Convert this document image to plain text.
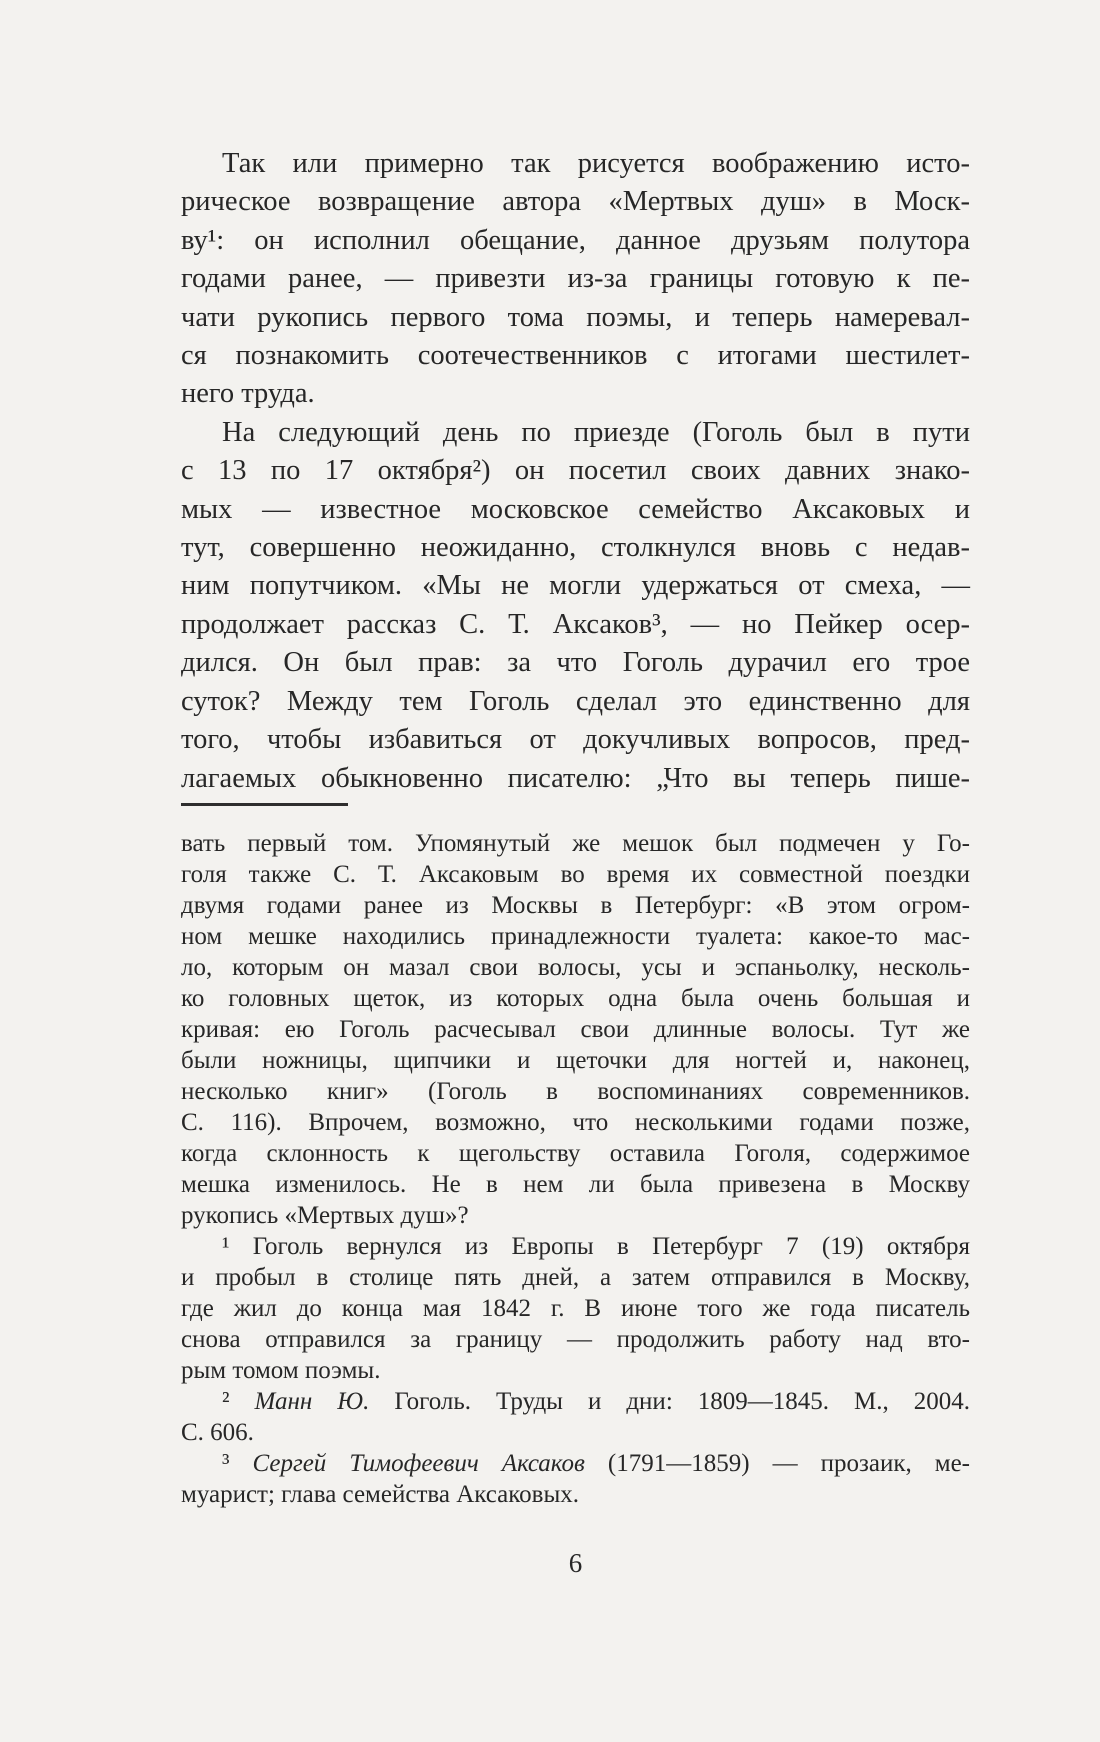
Так или примерно так рисуется воображению исто-
рическое возвращение автора «Мертвых душ» в Моск-
ву¹: он исполнил обещание, данное друзьям полутора
годами ранее, — привезти из-за границы готовую к пе-
чати рукопись первого тома поэмы, и теперь намеревал-
ся познакомить соотечественников с итогами шестилет-
него труда.
На следующий день по приезде (Гоголь был в пути
с 13 по 17 октября²) он посетил своих давних знако-
мых — известное московское семейство Аксаковых и
тут, совершенно неожиданно, столкнулся вновь с недав-
ним попутчиком. «Мы не могли удержаться от смеха, —
продолжает рассказ С. Т. Аксаков³, — но Пейкер осер-
дился. Он был прав: за что Гоголь дурачил его трое
суток? Между тем Гоголь сделал это единственно для
того, чтобы избавиться от докучливых вопросов, пред-
лагаемых обыкновенно писателю: „Что вы теперь пише-
вать первый том. Упомянутый же мешок был подмечен у Го-
голя также С. Т. Аксаковым во время их совместной поездки
двумя годами ранее из Москвы в Петербург: «В этом огром-
ном мешке находились принадлежности туалета: какое-то мас-
ло, которым он мазал свои волосы, усы и эспаньолку, несколь-
ко головных щеток, из которых одна была очень большая и
кривая: ею Гоголь расчесывал свои длинные волосы. Тут же
были ножницы, щипчики и щеточки для ногтей и, наконец,
несколько книг» (Гоголь в воспоминаниях современников.
С. 116). Впрочем, возможно, что несколькими годами позже,
когда склонность к щегольству оставила Гоголя, содержимое
мешка изменилось. Не в нем ли была привезена в Москву
рукопись «Мертвых душ»?
¹ Гоголь вернулся из Европы в Петербург 7 (19) октября
и пробыл в столице пять дней, а затем отправился в Москву,
где жил до конца мая 1842 г. В июне того же года писатель
снова отправился за границу — продолжить работу над вто-
рым томом поэмы.
² Манн Ю. Гоголь. Труды и дни: 1809—1845. М., 2004.
С. 606.
³ Сергей Тимофеевич Аксаков (1791—1859) — прозаик, ме-
муарист; глава семейства Аксаковых.
6
